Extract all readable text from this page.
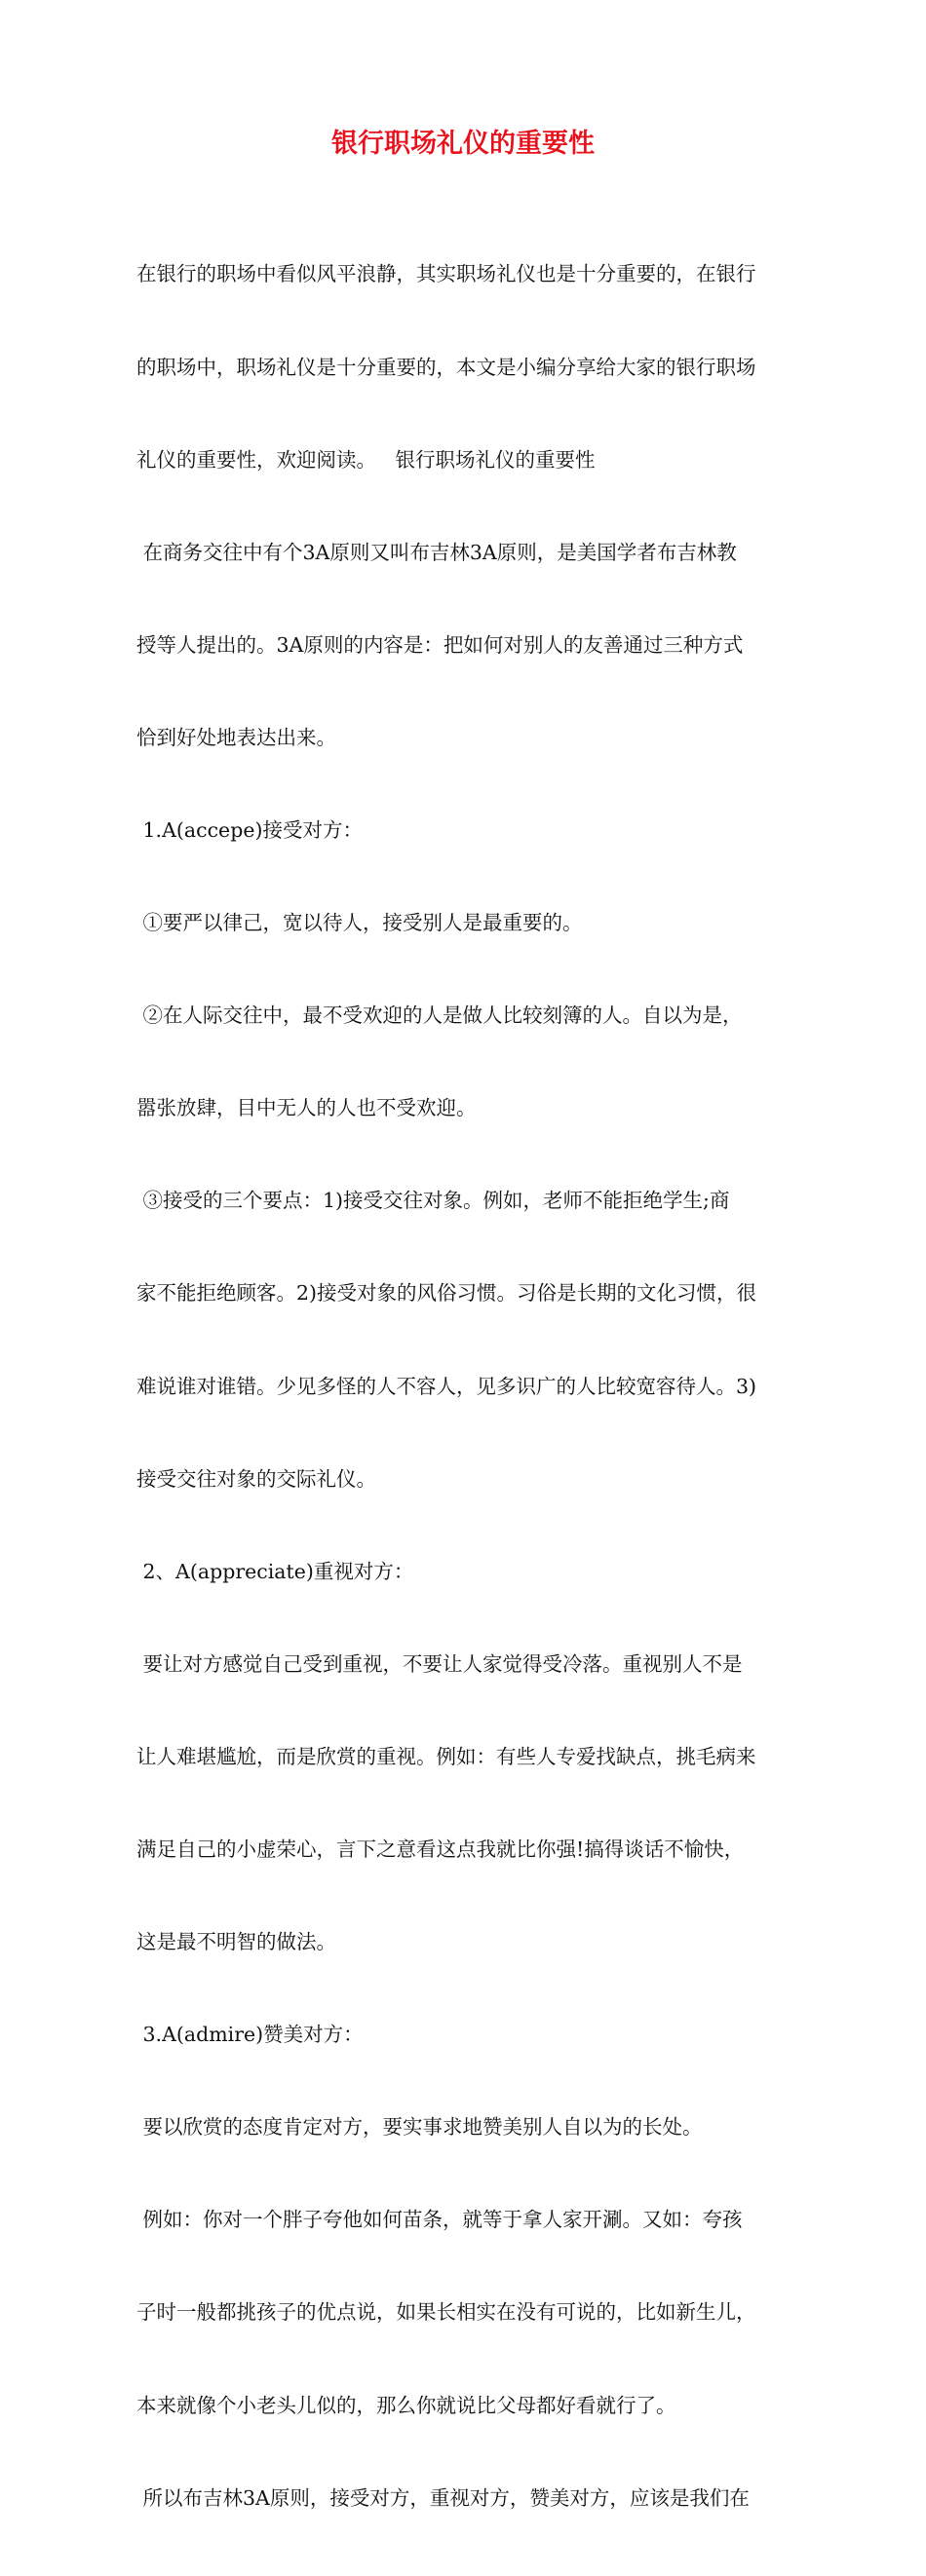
银行职场礼仪的重要性

在银行的职场中看似风平浪静，其实职场礼仪也是十分重要的，在银行

的职场中，职场礼仪是十分重要的，本文是小编分享给大家的银行职场

礼仪的重要性，欢迎阅读。   银行职场礼仪的重要性

在商务交往中有个3A原则又叫布吉林3A原则，是美国学者布吉林教

授等人提出的。3A原则的内容是：把如何对别人的友善通过三种方式

恰到好处地表达出来。

1.A(accepe)接受对方：

①要严以律己，宽以待人，接受别人是最重要的。

②在人际交往中，最不受欢迎的人是做人比较刻簿的人。自以为是，

嚣张放肆，目中无人的人也不受欢迎。

③接受的三个要点：1)接受交往对象。例如，老师不能拒绝学生;商

家不能拒绝顾客。2)接受对象的风俗习惯。习俗是长期的文化习惯，很

难说谁对谁错。少见多怪的人不容人，见多识广的人比较宽容待人。3)

接受交往对象的交际礼仪。

2、A(appreciate)重视对方：

要让对方感觉自己受到重视，不要让人家觉得受冷落。重视别人不是

让人难堪尴尬，而是欣赏的重视。例如：有些人专爱找缺点，挑毛病来

满足自己的小虚荣心，言下之意看这点我就比你强!搞得谈话不愉快，

这是最不明智的做法。

3.A(admire)赞美对方：

要以欣赏的态度肯定对方，要实事求地赞美别人自以为的长处。

例如：你对一个胖子夸他如何苗条，就等于拿人家开涮。又如：夸孩

子时一般都挑孩子的优点说，如果长相实在没有可说的，比如新生儿，

本来就像个小老头儿似的，那么你就说比父母都好看就行了。

所以布吉林3A原则，接受对方，重视对方，赞美对方，应该是我们在
